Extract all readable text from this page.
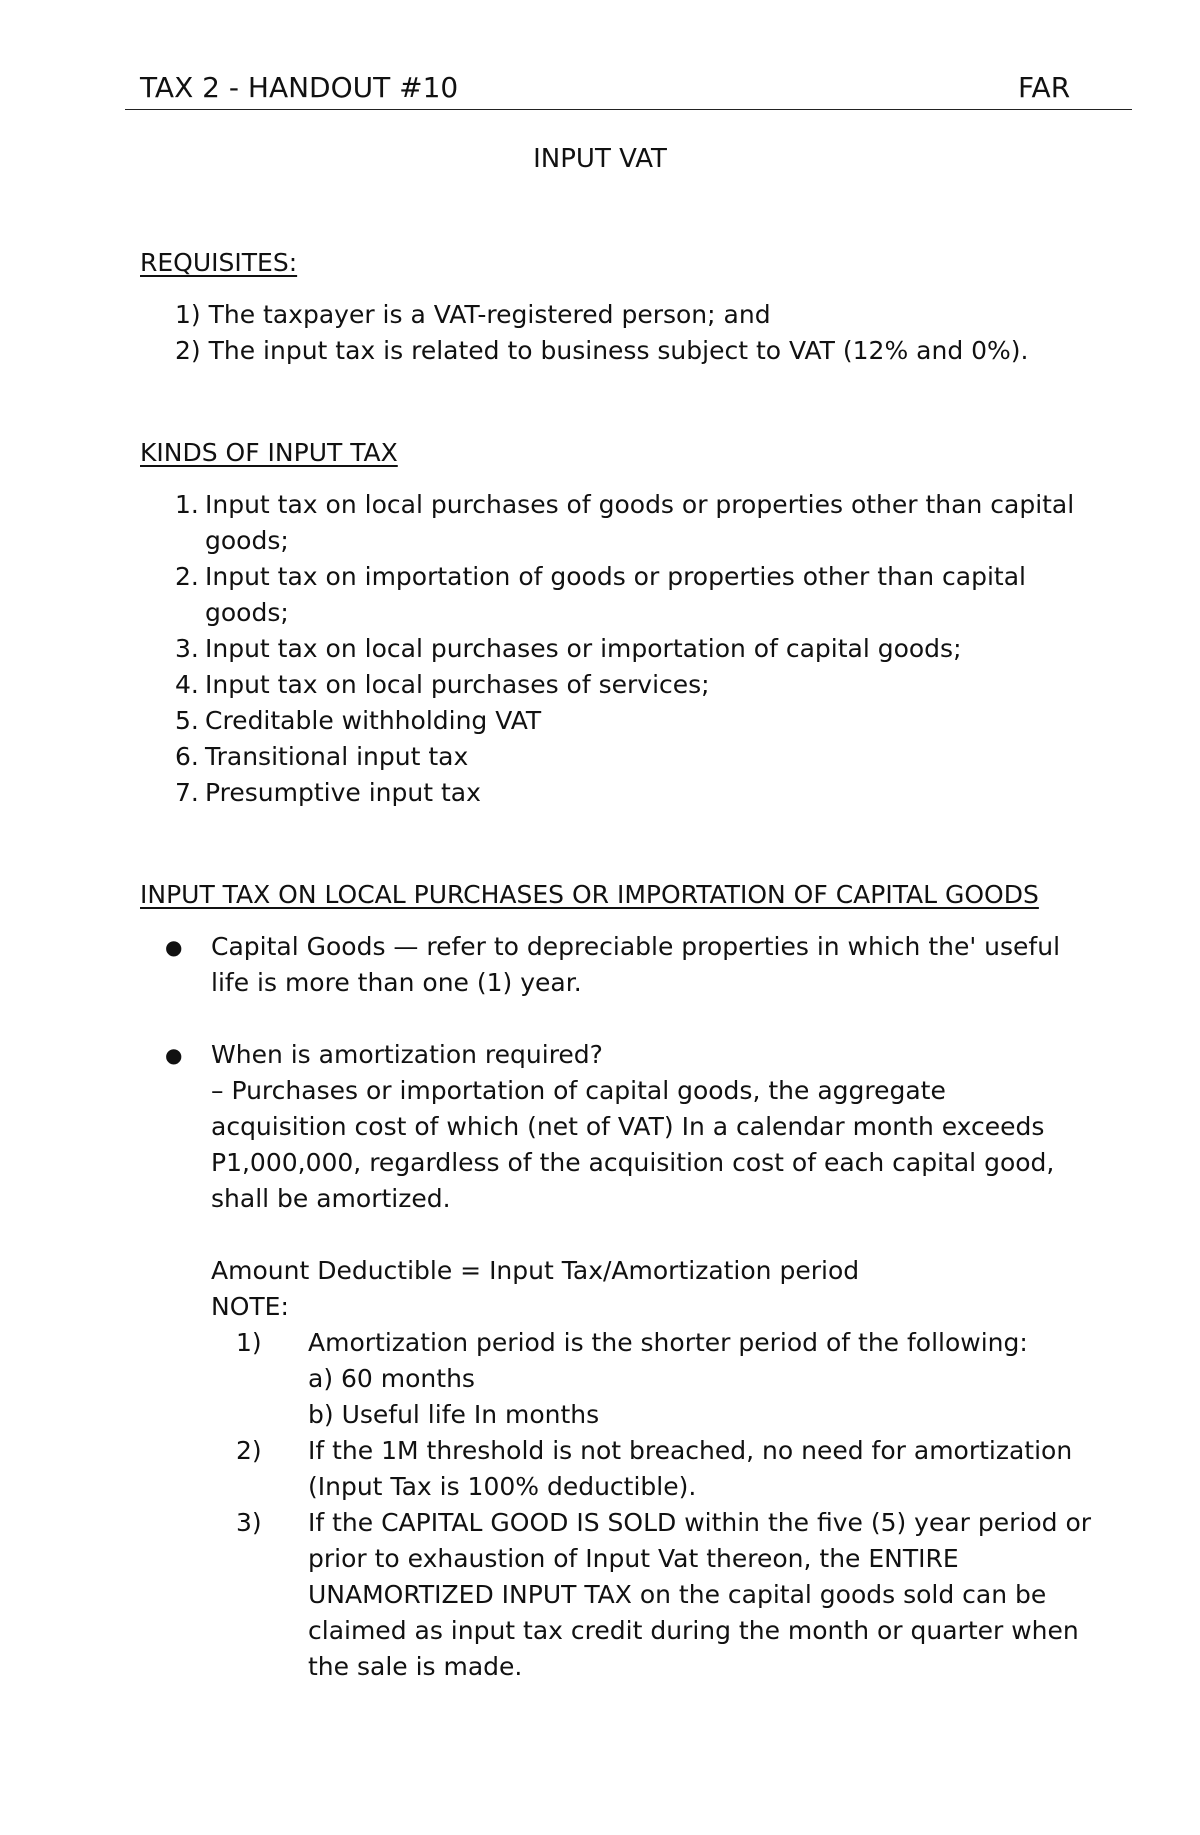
TAX 2 - HANDOUT #10	FAR
INPUT VAT
REQUISITES:
1) The taxpayer is a VAT-registered person; and
2) The input tax is related to business subject to VAT (12% and 0%).
KINDS OF INPUT TAX
1. Input tax on local purchases of goods or properties other than capital goods;
2. Input tax on importation of goods or properties other than capital goods;
3. Input tax on local purchases or importation of capital goods;
4. Input tax on local purchases of services;
5. Creditable withholding VAT
6. Transitional input tax
7. Presumptive input tax
INPUT TAX ON LOCAL PURCHASES OR IMPORTATION OF CAPITAL GOODS
● Capital Goods — refer to depreciable properties in which the' useful life is more than one (1) year.
● When is amortization required?
– Purchases or importation of capital goods, the aggregate acquisition cost of which (net of VAT) In a calendar month exceeds P1,000,000, regardless of the acquisition cost of each capital good, shall be amortized.
Amount Deductible = Input Tax/Amortization period
NOTE:
1) Amortization period is the shorter period of the following:
a) 60 months
b) Useful life In months
2) If the 1M threshold is not breached, no need for amortization (Input Tax is 100% deductible).
3) If the CAPITAL GOOD IS SOLD within the five (5) year period or prior to exhaustion of Input Vat thereon, the ENTIRE UNAMORTIZED INPUT TAX on the capital goods sold can be claimed as input tax credit during the month or quarter when the sale is made.
